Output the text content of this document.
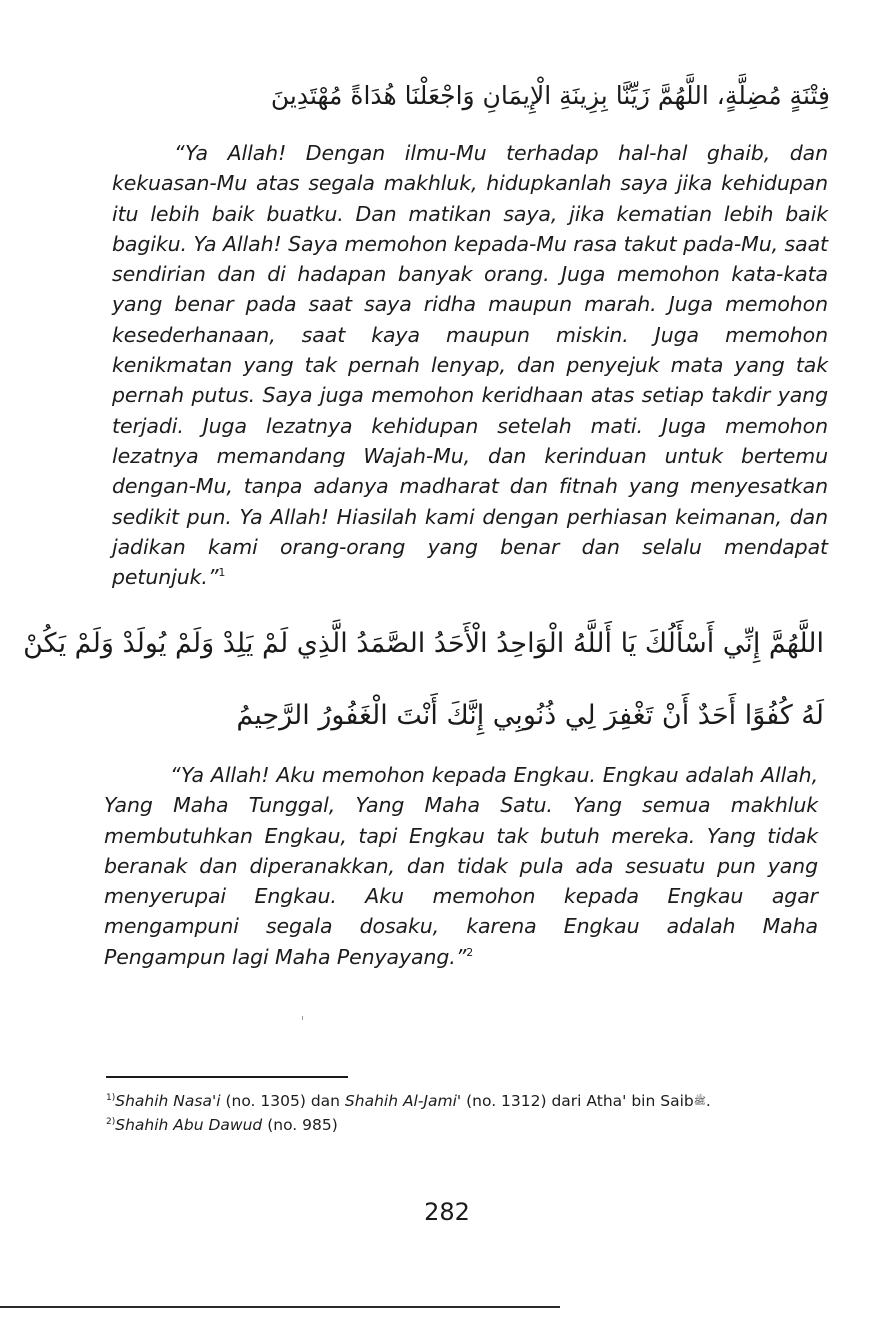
فِتْنَةٍ مُضِلَّةٍ، اللَّهُمَّ زَيِّنَّا بِزِينَةِ الْإِيمَانِ وَاجْعَلْنَا هُدَاةً مُهْتَدِينَ
“Ya Allah! Dengan ilmu-Mu terhadap hal-hal ghaib, dan kekuasan-Mu atas segala makhluk, hidupkanlah saya jika kehidupan itu lebih baik buatku. Dan matikan saya, jika kematian lebih baik bagiku. Ya Allah! Saya memohon kepada-Mu rasa takut pada-Mu, saat sendirian dan di hadapan banyak orang. Juga memohon kata-kata yang benar pada saat saya ridha maupun marah. Juga memohon kesederhanaan, saat kaya maupun miskin. Juga memohon kenikmatan yang tak pernah lenyap, dan penyejuk mata yang tak pernah putus. Saya juga memohon keridhaan atas setiap takdir yang terjadi. Juga lezatnya kehidupan setelah mati. Juga memohon lezatnya memandang Wajah-Mu, dan kerinduan untuk bertemu dengan-Mu, tanpa adanya madharat dan fitnah yang menyesatkan sedikit pun. Ya Allah! Hiasilah kami dengan perhiasan keimanan, dan jadikan kami orang-orang yang benar dan selalu mendapat petunjuk.”$^1$
اللَّهُمَّ إِنِّي أَسْأَلُكَ يَا أَللَّهُ الْوَاحِدُ الْأَحَدُ الصَّمَدُ الَّذِي لَمْ يَلِدْ وَلَمْ يُولَدْ وَلَمْ يَكُنْ
لَهُ كُفُوًا أَحَدٌ أَنْ تَغْفِرَ لِي ذُنُوبِي إِنَّكَ أَنْتَ الْغَفُورُ الرَّحِيمُ
“Ya Allah! Aku memohon kepada Engkau. Engkau adalah Allah, Yang Maha Tunggal, Yang Maha Satu. Yang semua makhluk membutuhkan Engkau, tapi Engkau tak butuh mereka. Yang tidak beranak dan diperanakkan, dan tidak pula ada sesuatu pun yang menyerupai Engkau. Aku memohon kepada Engkau agar mengampuni segala dosaku, karena Engkau adalah Maha Pengampun lagi Maha Penyayang.”$^2$
$^{1)}$Shahih Nasa'i (no. 1305) dan Shahih Al-Jami' (no. 1312) dari Atha' bin Saibﷺ.
$^{2)}$Shahih Abu Dawud (no. 985)
282
